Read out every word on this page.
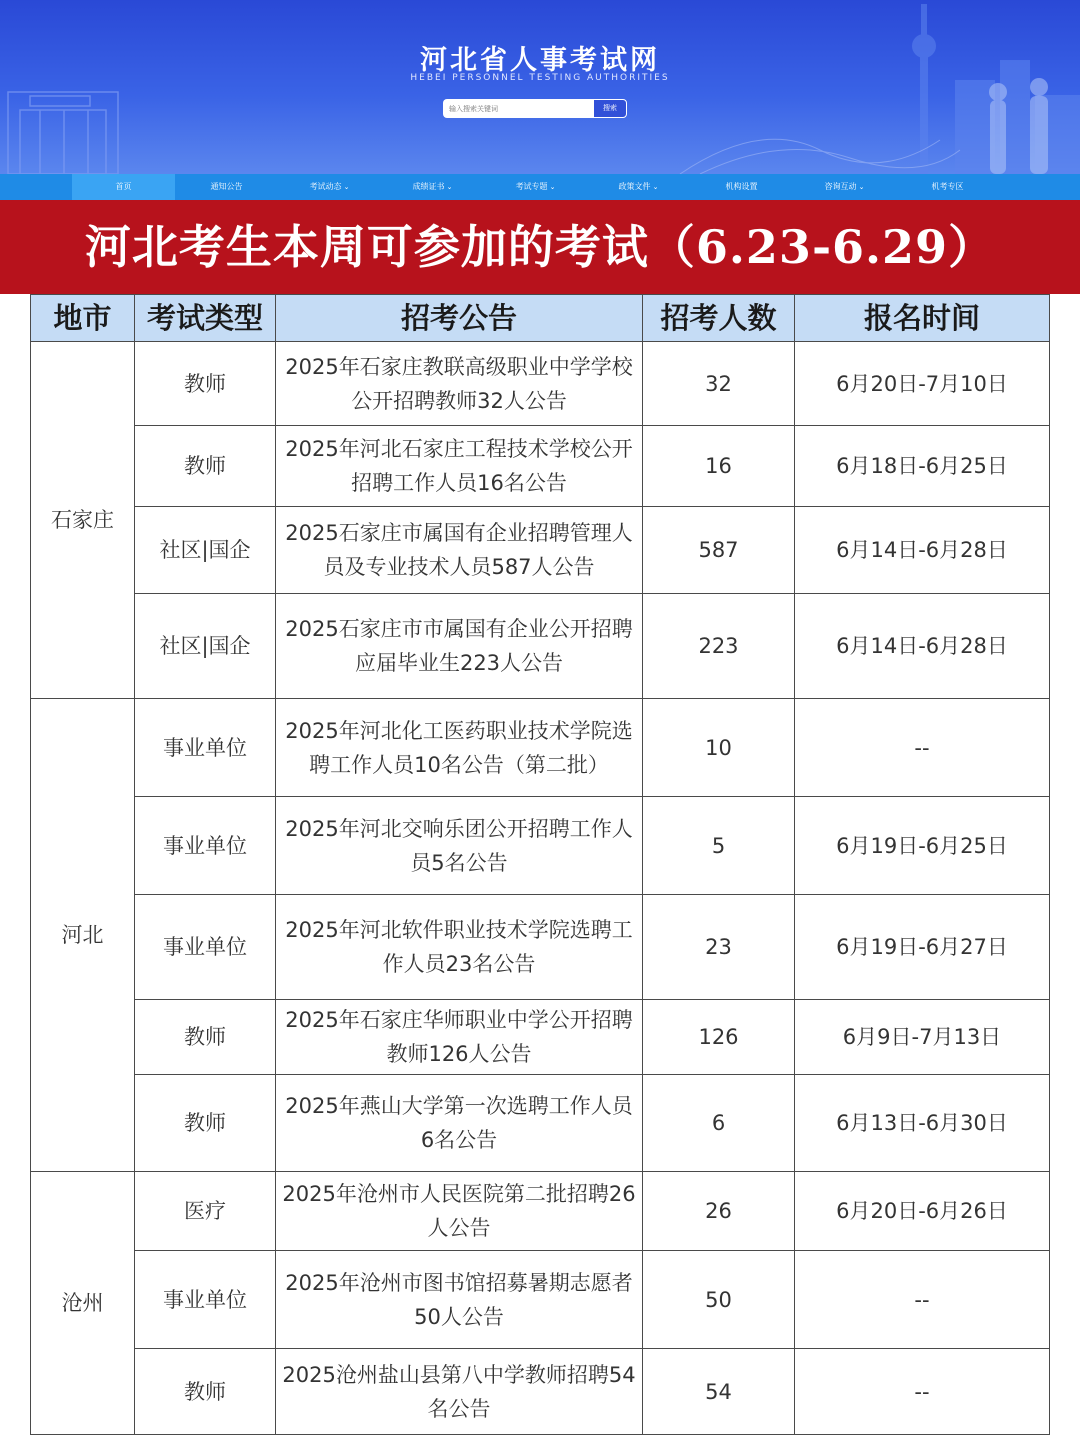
河北省人事考试网
HEBEI PERSONNEL TESTING AUTHORITIES
输入搜索关键词
搜索
首页	通知公告	考试动态 ⌄	成绩证书 ⌄	考试专题 ⌄	政策文件 ⌄	机构设置	咨询互动 ⌄	机考专区
河北考生本周可参加的考试（6.23-6.29）
地市	考试类型	招考公告	招考人数	报名时间
石家庄	教师	2025年石家庄教联高级职业中学学校公开招聘教师32人公告	32	6月20日-7月10日
	教师	2025年河北石家庄工程技术学校公开招聘工作人员16名公告	16	6月18日-6月25日
	社区|国企	2025石家庄市属国有企业招聘管理人员及专业技术人员587人公告	587	6月14日-6月28日
	社区|国企	2025石家庄市市属国有企业公开招聘应届毕业生223人公告	223	6月14日-6月28日
河北	事业单位	2025年河北化工医药职业技术学院选聘工作人员10名公告（第二批）	10	--
	事业单位	2025年河北交响乐团公开招聘工作人员5名公告	5	6月19日-6月25日
	事业单位	2025年河北软件职业技术学院选聘工作人员23名公告	23	6月19日-6月27日
	教师	2025年石家庄华师职业中学公开招聘教师126人公告	126	6月9日-7月13日
	教师	2025年燕山大学第一次选聘工作人员6名公告	6	6月13日-6月30日
沧州	医疗	2025年沧州市人民医院第二批招聘26人公告	26	6月20日-6月26日
	事业单位	2025年沧州市图书馆招募暑期志愿者50人公告	50	--
	教师	2025沧州盐山县第八中学教师招聘54名公告	54	--
